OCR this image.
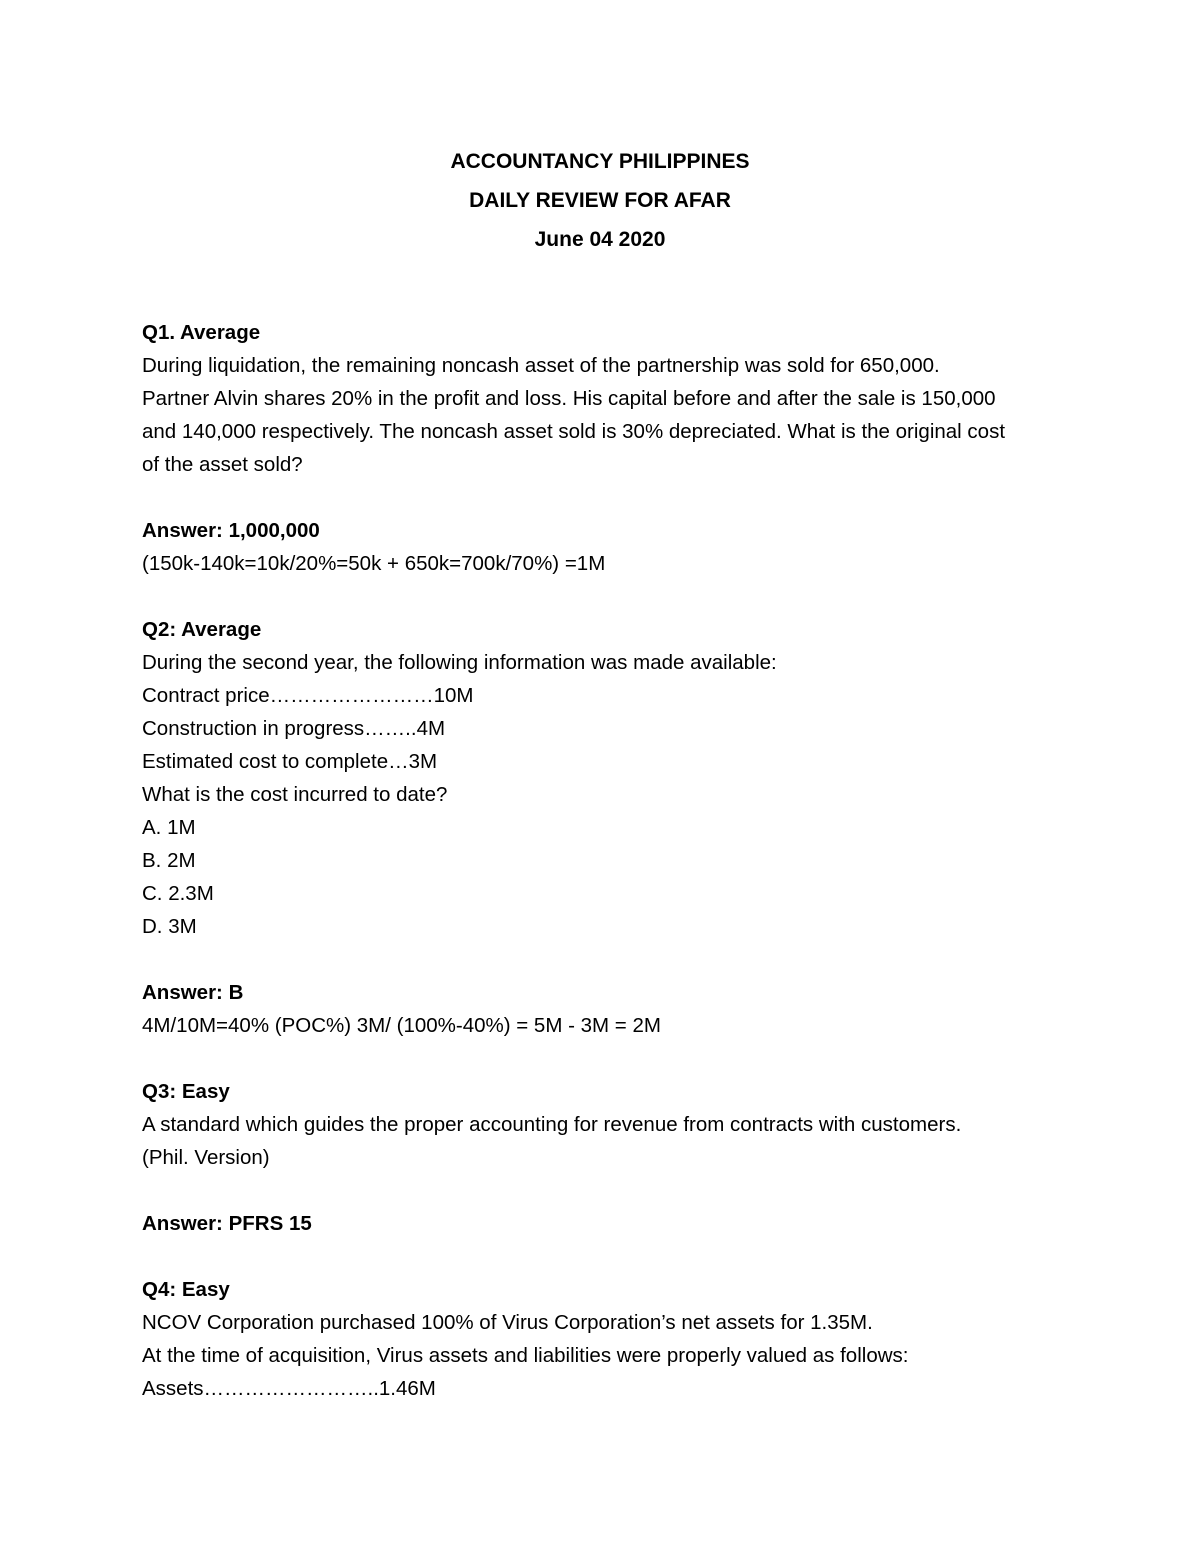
ACCOUNTANCY PHILIPPINES

DAILY REVIEW FOR AFAR

June 04 2020

Q1. Average

During liquidation, the remaining noncash asset of the partnership was sold for 650,000.

Partner Alvin shares 20% in the profit and loss. His capital before and after the sale is 150,000

and 140,000 respectively. The noncash asset sold is 30% depreciated. What is the original cost

of the asset sold?

Answer: 1,000,000

(150k-140k=10k/20%=50k + 650k=700k/70%) =1M

Q2: Average

During the second year, the following information was made available:

Contract price……………………10M

Construction in progress……..4M

Estimated cost to complete…3M

What is the cost incurred to date?

A. 1M

B. 2M

C. 2.3M

D. 3M

Answer: B

4M/10M=40% (POC%) 3M/ (100%-40%) = 5M - 3M = 2M

Q3: Easy

A standard which guides the proper accounting for revenue from contracts with customers.

(Phil. Version)

Answer: PFRS 15

Q4: Easy

NCOV Corporation purchased 100% of Virus Corporation’s net assets for 1.35M.

At the time of acquisition, Virus assets and liabilities were properly valued as follows:

Assets……………………..1.46M
